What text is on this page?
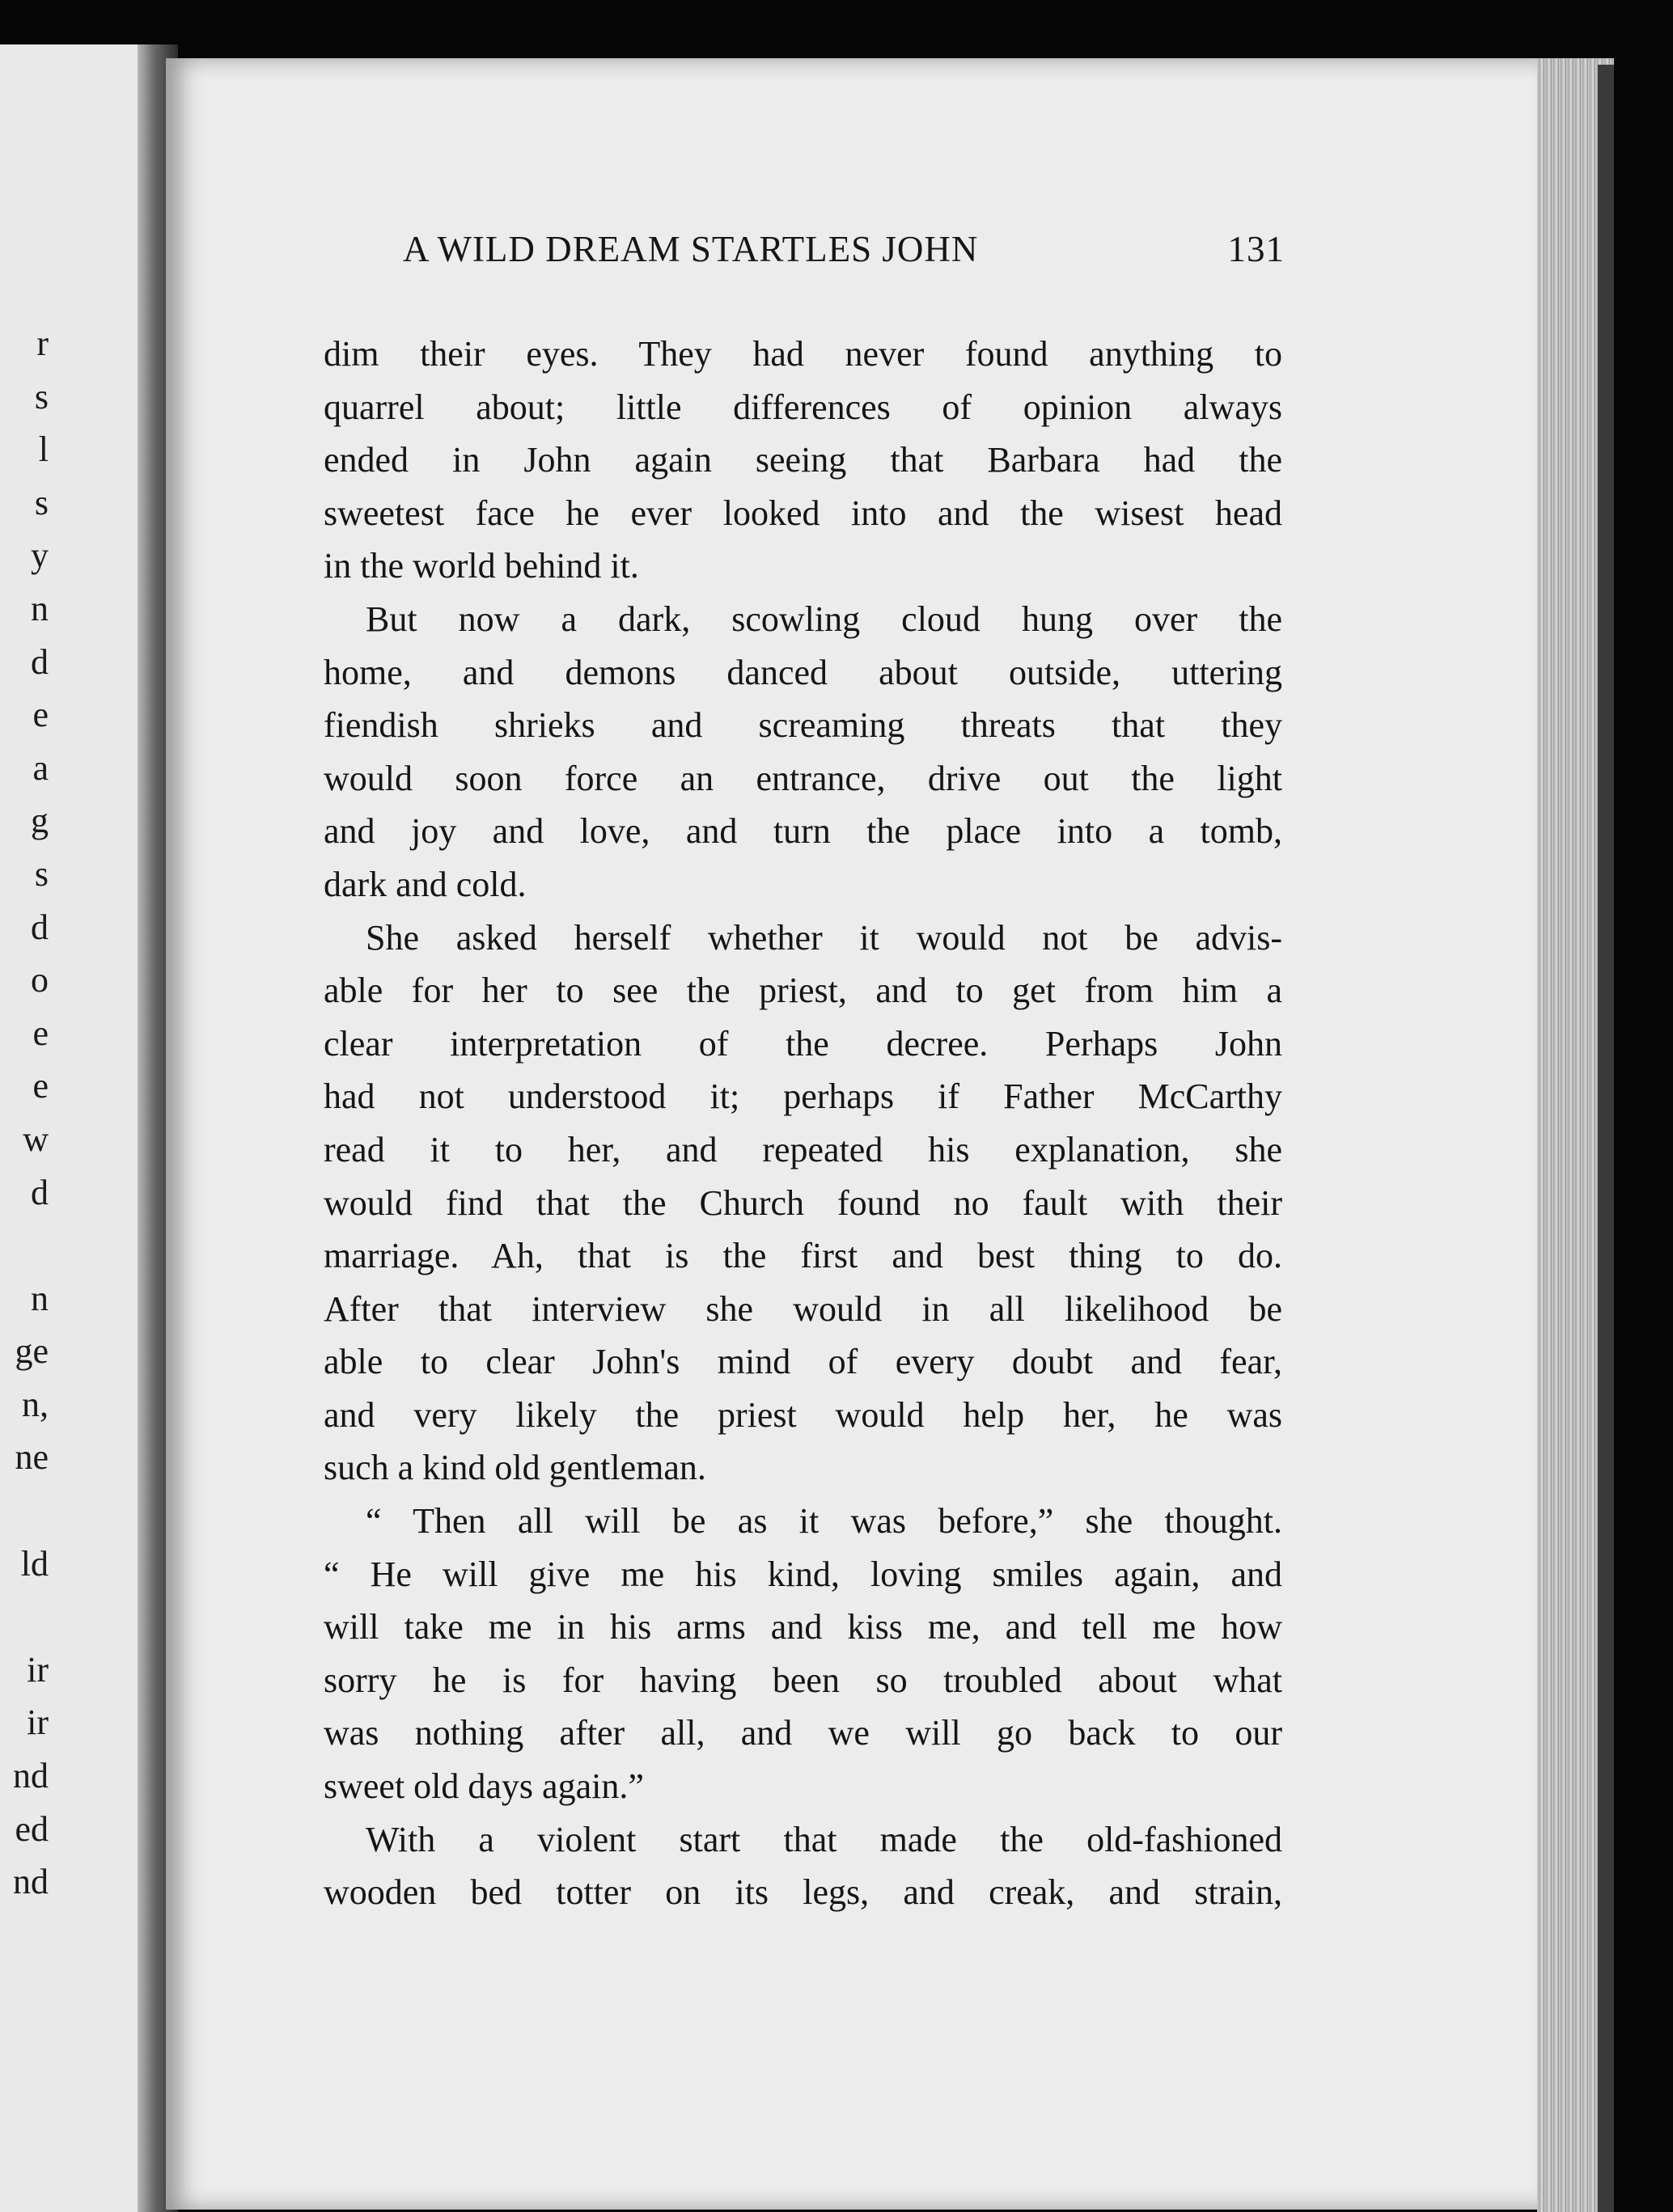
r
s
l
s
y
n
d
e
a
g
s
d
o
e
e
w
d
n
ge
n,
ne
ld
ir
ir
nd
ed
nd
A WILD DREAM STARTLES JOHN	131
dim their eyes. They had never found anything to
quarrel about; little differences of opinion always
ended in John again seeing that Barbara had the
sweetest face he ever looked into and the wisest head
in the world behind it.
But now a dark, scowling cloud hung over the
home, and demons danced about outside, uttering
fiendish shrieks and screaming threats that they
would soon force an entrance, drive out the light
and joy and love, and turn the place into a tomb,
dark and cold.
She asked herself whether it would not be advis-
able for her to see the priest, and to get from him a
clear interpretation of the decree. Perhaps John
had not understood it; perhaps if Father McCarthy
read it to her, and repeated his explanation, she
would find that the Church found no fault with their
marriage. Ah, that is the first and best thing to do.
After that interview she would in all likelihood be
able to clear John's mind of every doubt and fear,
and very likely the priest would help her, he was
such a kind old gentleman.
“ Then all will be as it was before,” she thought.
“ He will give me his kind, loving smiles again, and
will take me in his arms and kiss me, and tell me how
sorry he is for having been so troubled about what
was nothing after all, and we will go back to our
sweet old days again.”
With a violent start that made the old-fashioned
wooden bed totter on its legs, and creak, and strain,
